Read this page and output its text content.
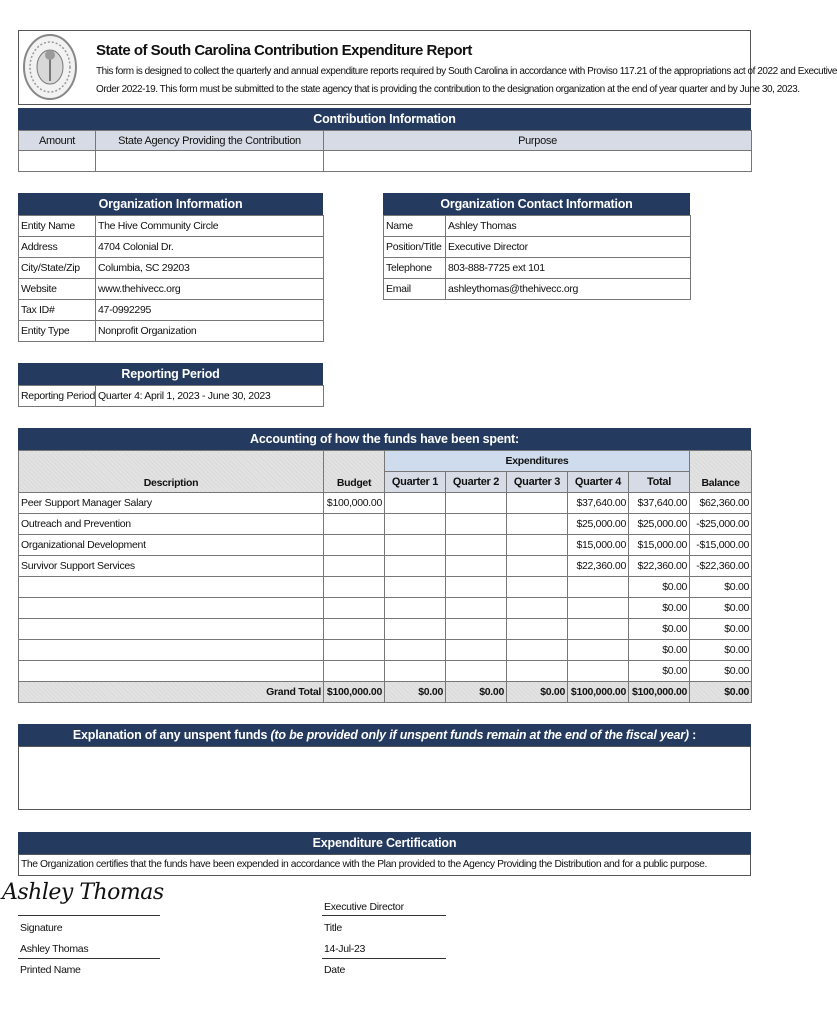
State of South Carolina Contribution Expenditure Report
This form is designed to collect the quarterly and annual expenditure reports required by South Carolina in accordance with Proviso 117.21 of the appropriations act of 2022 and Executive
Order 2022-19. This form must be submitted to the state agency that is providing the contribution to the designation organization at the end of year quarter and by June 30, 2023.
Contribution Information
Amount	State Agency Providing the Contribution	Purpose

Organization Information
Entity Name	The Hive Community Circle
Address	4704 Colonial Dr.
City/State/Zip	Columbia, SC 29203
Website	www.thehivecc.org
Tax ID#	47-0992295
Entity Type	Nonprofit Organization
Organization Contact Information
Name	Ashley Thomas
Position/Title	Executive Director
Telephone	803-888-7725 ext 101
Email	ashleythomas@thehivecc.org
Reporting Period
Reporting Period	Quarter 4: April 1, 2023 - June 30, 2023
Accounting of how the funds have been spent:
Description	Budget	Expenditures					Balance
		Quarter 1	Quarter 2	Quarter 3	Quarter 4	Total	
Peer Support Manager Salary	$100,000.00				$37,640.00	$37,640.00	$62,360.00
Outreach and Prevention					$25,000.00	$25,000.00	-$25,000.00
Organizational Development					$15,000.00	$15,000.00	-$15,000.00
Survivor Support Services					$22,360.00	$22,360.00	-$22,360.00
						$0.00	$0.00
						$0.00	$0.00
						$0.00	$0.00
						$0.00	$0.00
						$0.00	$0.00
Grand Total	$100,000.00	$0.00	$0.00	$0.00	$100,000.00	$100,000.00	$0.00
Explanation of any unspent funds (to be provided only if unspent funds remain at the end of the fiscal year) :
Expenditure Certification
The Organization certifies that the funds have been expended in accordance with the Plan provided to the Agency Providing the Distribution and for a public purpose.
Ashley Thomas
Signature
Ashley Thomas
Printed Name
Executive Director
Title
14-Jul-23
Date
